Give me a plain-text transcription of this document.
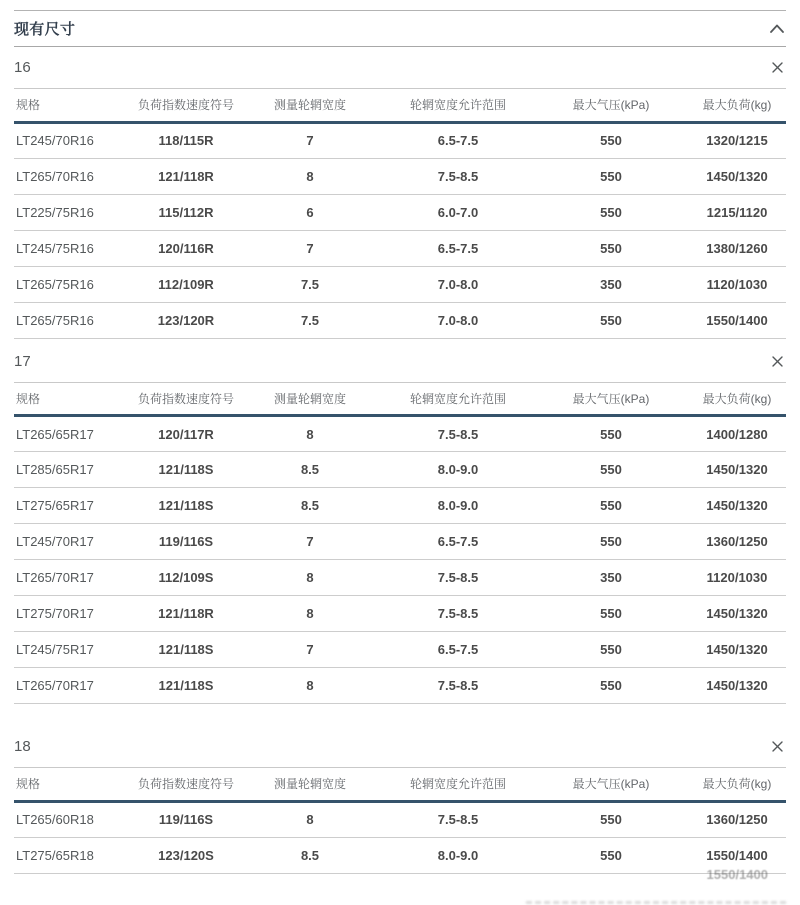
现有尺寸
16
规格	负荷指数速度符号	测量轮辋宽度	轮辋宽度允许范围	最大气压(kPa)	最大负荷(kg)
LT245/70R16	118/115R	7	6.5-7.5	550	1320/1215
LT265/70R16	121/118R	8	7.5-8.5	550	1450/1320
LT225/75R16	115/112R	6	6.0-7.0	550	1215/1120
LT245/75R16	120/116R	7	6.5-7.5	550	1380/1260
LT265/75R16	112/109R	7.5	7.0-8.0	350	1120/1030
LT265/75R16	123/120R	7.5	7.0-8.0	550	1550/1400
17
规格	负荷指数速度符号	测量轮辋宽度	轮辋宽度允许范围	最大气压(kPa)	最大负荷(kg)
LT265/65R17	120/117R	8	7.5-8.5	550	1400/1280
LT285/65R17	121/118S	8.5	8.0-9.0	550	1450/1320
LT275/65R17	121/118S	8.5	8.0-9.0	550	1450/1320
LT245/70R17	119/116S	7	6.5-7.5	550	1360/1250
LT265/70R17	112/109S	8	7.5-8.5	350	1120/1030
LT275/70R17	121/118R	8	7.5-8.5	550	1450/1320
LT245/75R17	121/118S	7	6.5-7.5	550	1450/1320
LT265/70R17	121/118S	8	7.5-8.5	550	1450/1320
18
规格	负荷指数速度符号	测量轮辋宽度	轮辋宽度允许范围	最大气压(kPa)	最大负荷(kg)
LT265/60R18	119/116S	8	7.5-8.5	550	1360/1250
LT275/65R18	123/120S	8.5	8.0-9.0	550	1550/1400
1550/1400
